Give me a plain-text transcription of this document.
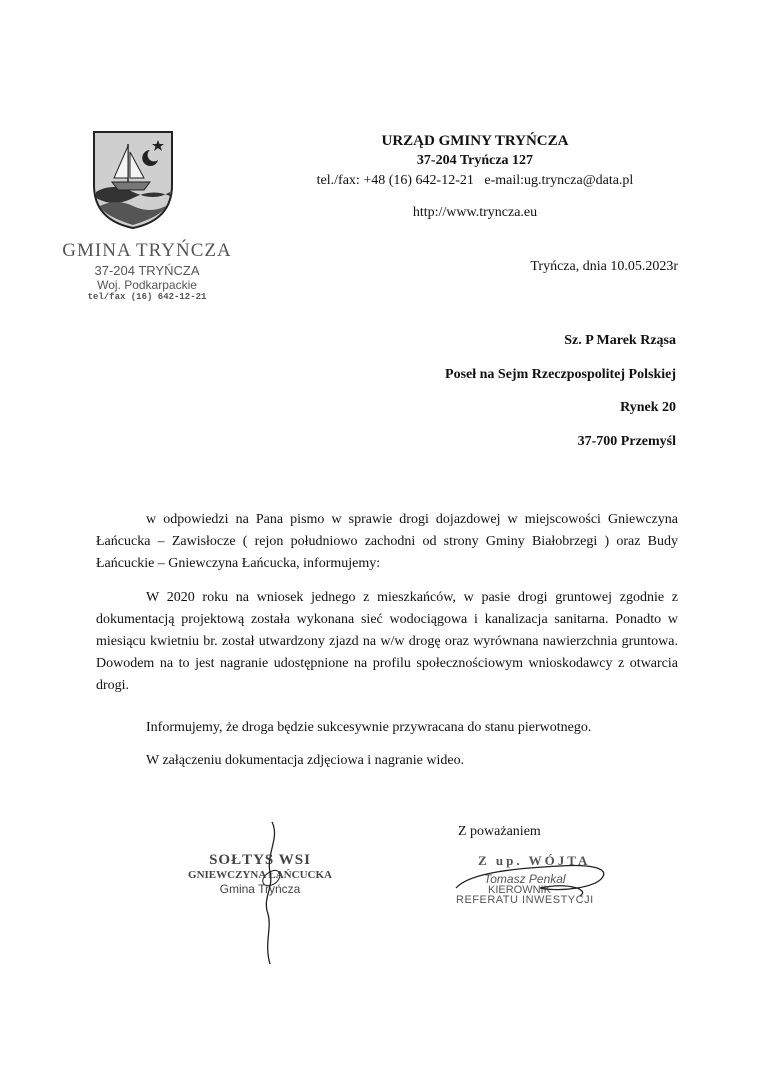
GMINA TRYŃCZA
37-204 TRYŃCZA
Woj. Podkarpackie
tel/fax (16) 642-12-21
URZĄD GMINY TRYŃCZA
37-204 Tryńcza 127
tel./fax: +48 (16) 642-12-21   e-mail:ug.tryncza@data.pl
http://www.tryncza.eu
Tryńcza, dnia 10.05.2023r
Sz. P Marek Rząsa
Poseł na Sejm Rzeczpospolitej Polskiej
Rynek 20
37-700 Przemyśl
w odpowiedzi na Pana pismo w sprawie drogi dojazdowej w miejscowości Gniewczyna Łańcucka – Zawisłocze ( rejon południowo zachodni od strony Gminy Białobrzegi ) oraz Budy Łańcuckie – Gniewczyna Łańcucka, informujemy:
W 2020 roku na wniosek jednego z mieszkańców, w pasie drogi gruntowej zgodnie z dokumentacją projektową została wykonana sieć wodociągowa i kanalizacja sanitarna. Ponadto w miesiącu kwietniu br. został utwardzony zjazd na w/w drogę oraz wyrównana nawierzchnia gruntowa. Dowodem na to jest nagranie udostępnione na profilu społecznościowym wnioskodawcy z otwarcia drogi.
Informujemy, że droga będzie sukcesywnie przywracana do stanu pierwotnego.
W załączeniu dokumentacja zdjęciowa i nagranie wideo.
Z poważaniem
SOŁTYS WSI
GNIEWCZYNA ŁAŃCUCKA
Gmina Tryńcza
Z up. WÓJTA
Tomasz Penkal
KIEROWNIK
REFERATU INWESTYCJI
